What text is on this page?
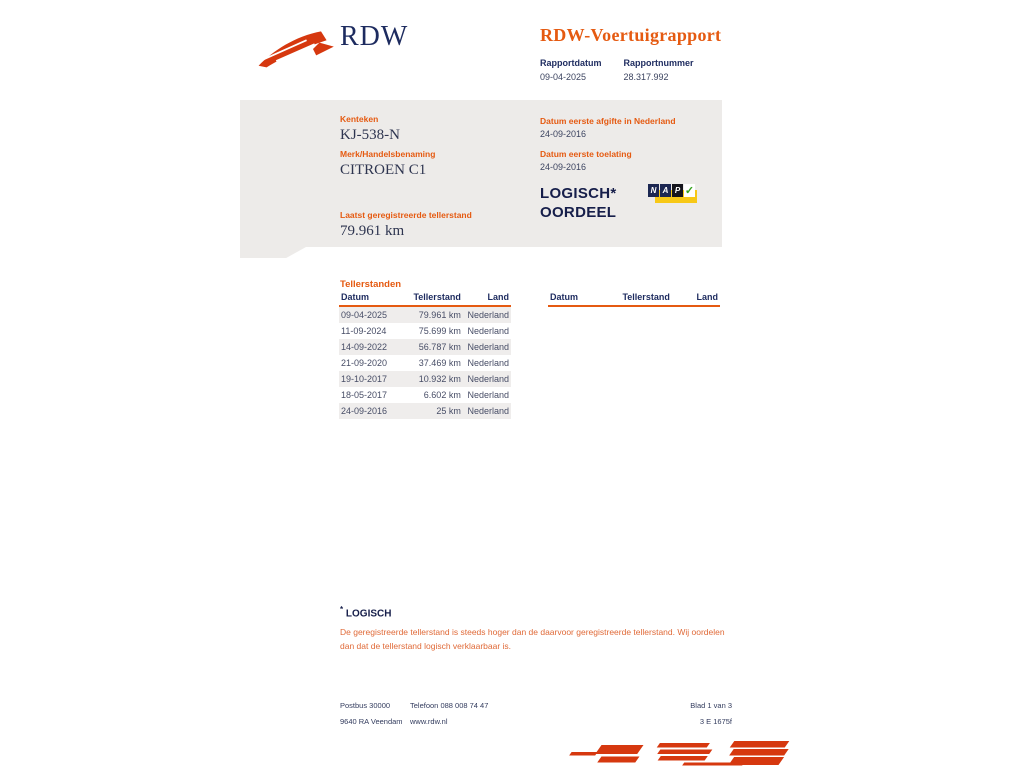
RDW	RDW-Voertuigrapport
Rapportdatum
09-04-2025
Rapportnummer
28.317.992
Kenteken
KJ-538-N
Merk/Handelsbenaming
CITROEN C1
Laatst geregistreerde tellerstand
79.961 km
Datum eerste afgifte in Nederland
24-09-2016
Datum eerste toelating
24-09-2016
LOGISCH*
OORDEEL
N A P ✓
Tellerstanden
Datum	Tellerstand	Land
09-04-2025	79.961 km	Nederland
11-09-2024	75.699 km	Nederland
14-09-2022	56.787 km	Nederland
21-09-2020	37.469 km	Nederland
19-10-2017	10.932 km	Nederland
18-05-2017	6.602 km	Nederland
24-09-2016	25 km	Nederland
Datum	Tellerstand	Land
* LOGISCH
De geregistreerde tellerstand is steeds hoger dan de daarvoor geregistreerde tellerstand. Wij oordelen dan dat de tellerstand logisch verklaarbaar is.
Postbus 30000	Telefoon 088 008 74 47	Blad 1 van 3
9640 RA Veendam www.rdw.nl	3 E 1675f
